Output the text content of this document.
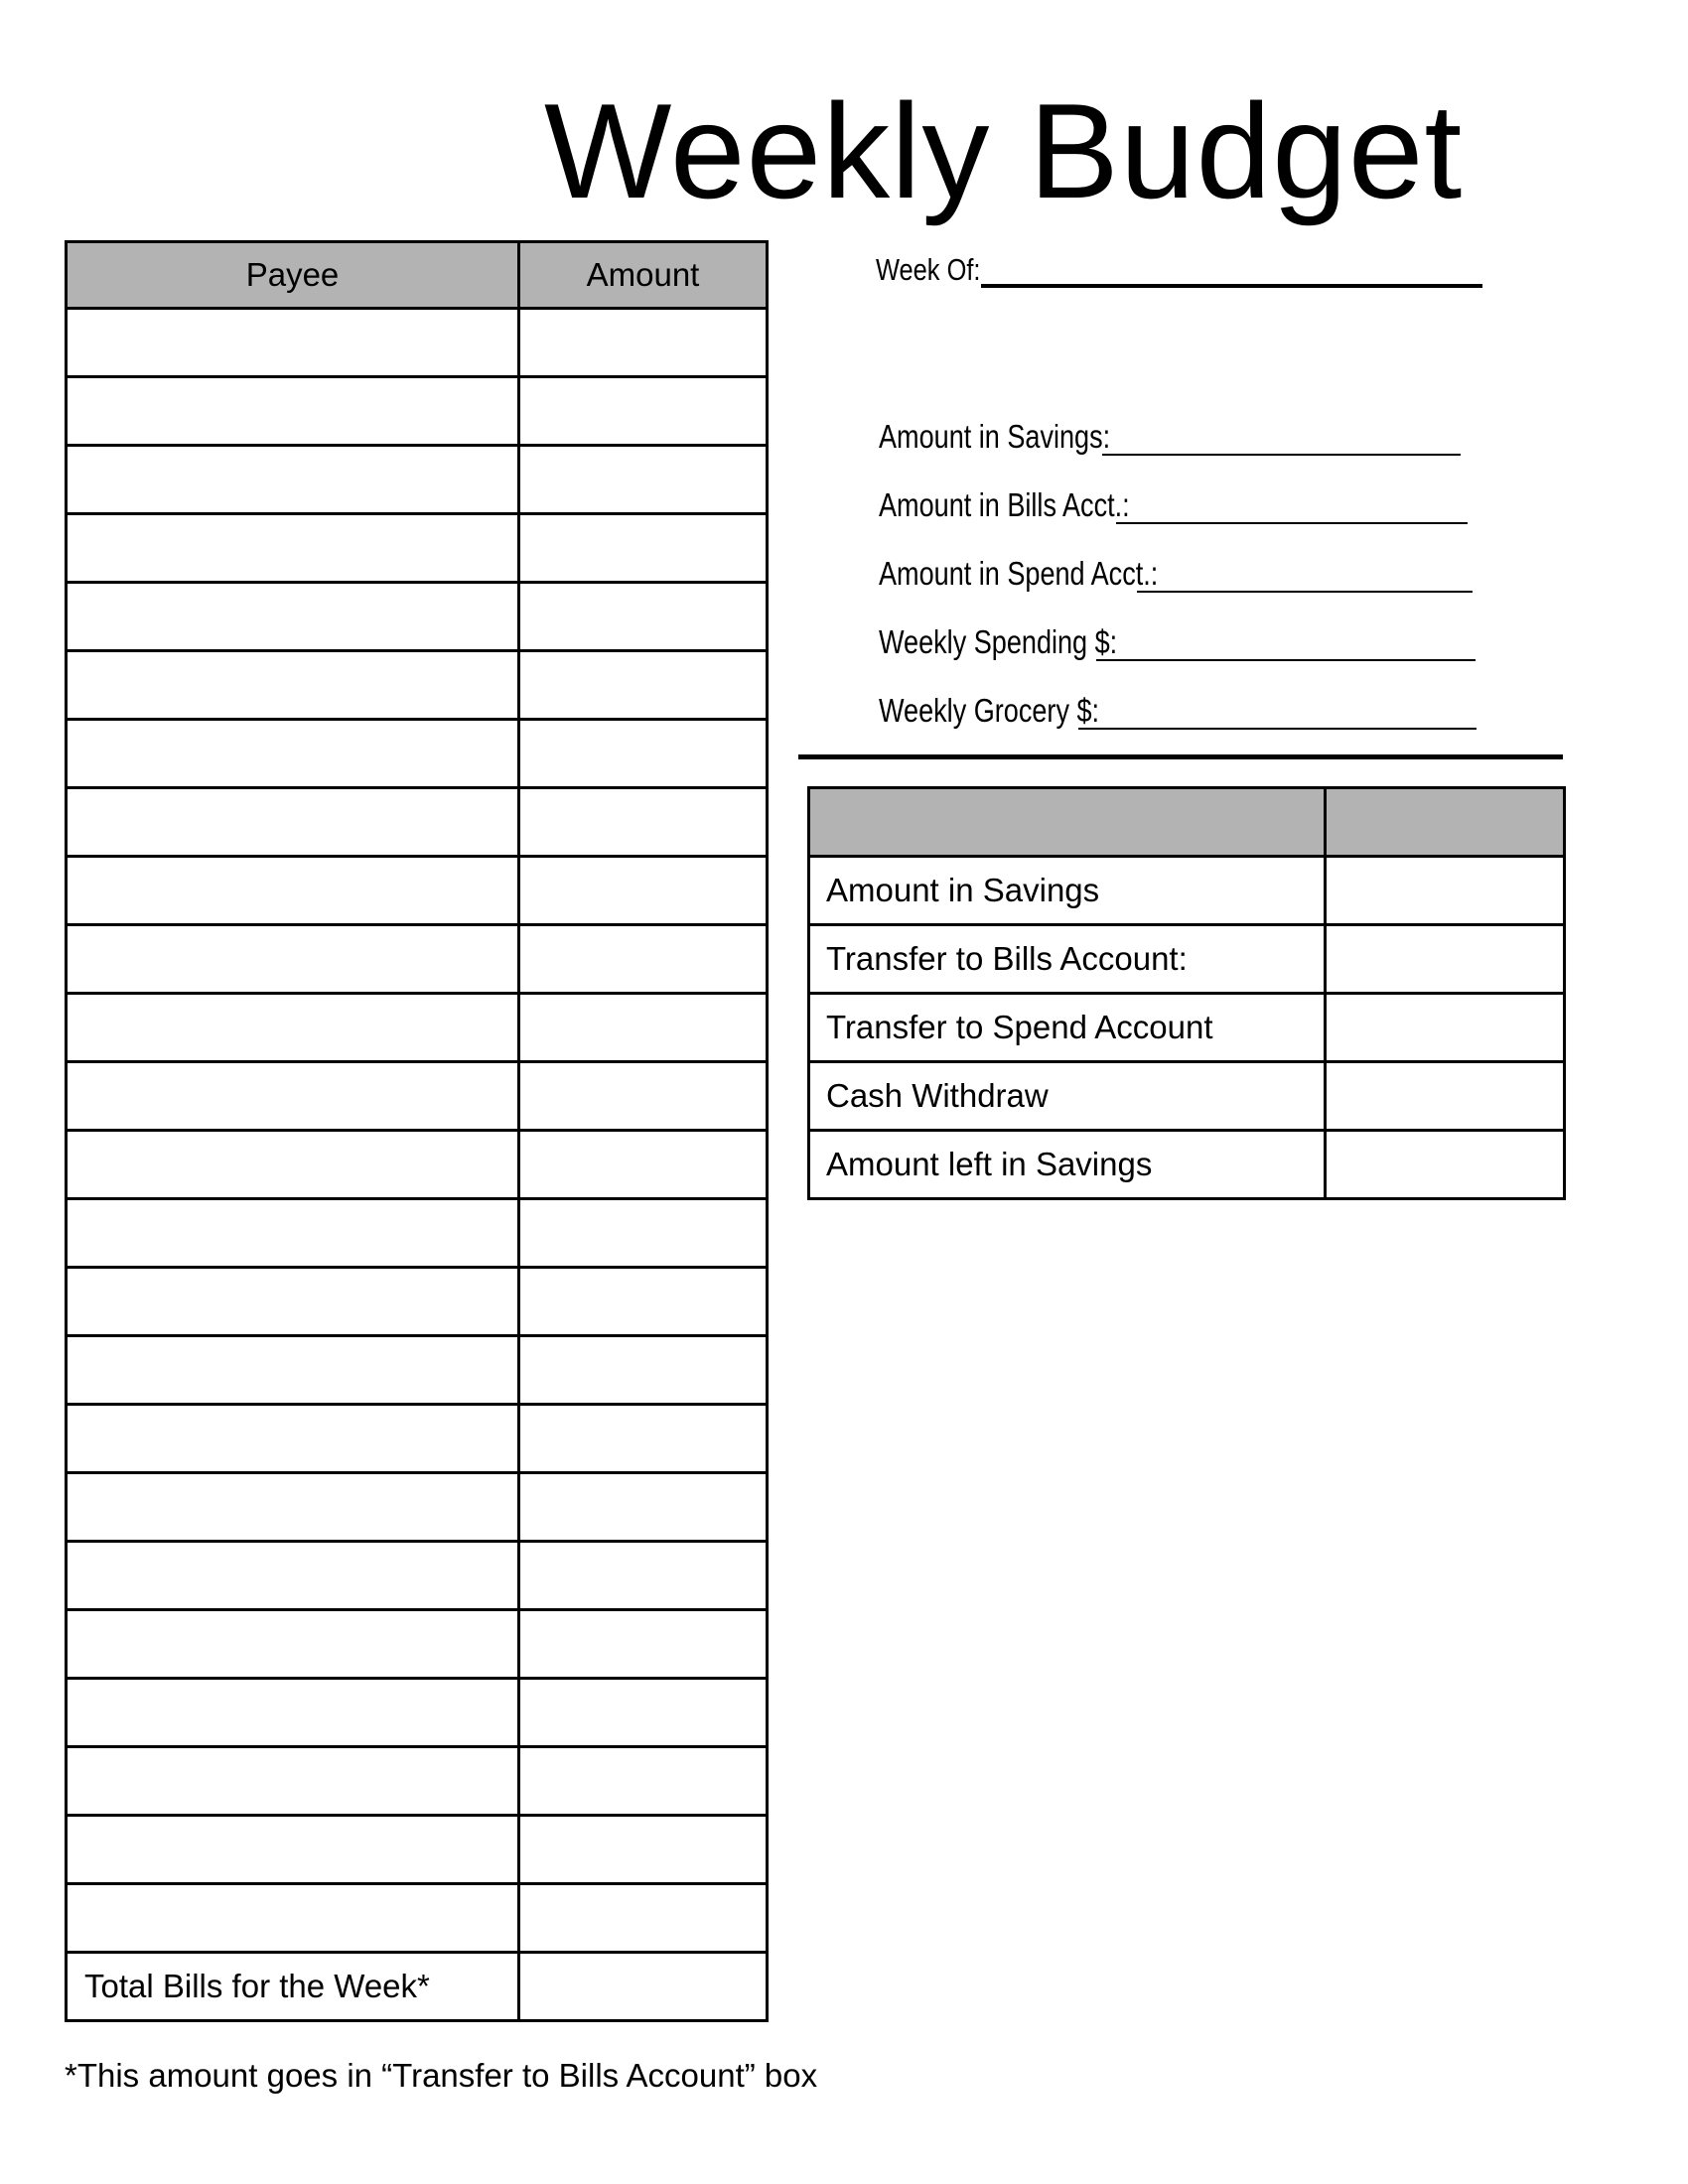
Weekly Budget
Payee	Amount

Total Bills for the Week*	

*This amount goes in “Transfer to Bills Account” box

Week Of:
Amount in Savings:
Amount in Bills Acct.:
Amount in Spend Acct.:
Weekly Spending $:
Weekly Grocery $:

Amount in Savings	
Transfer to Bills Account:	
Transfer to Spend Account	
Cash Withdraw	
Amount left in Savings	
